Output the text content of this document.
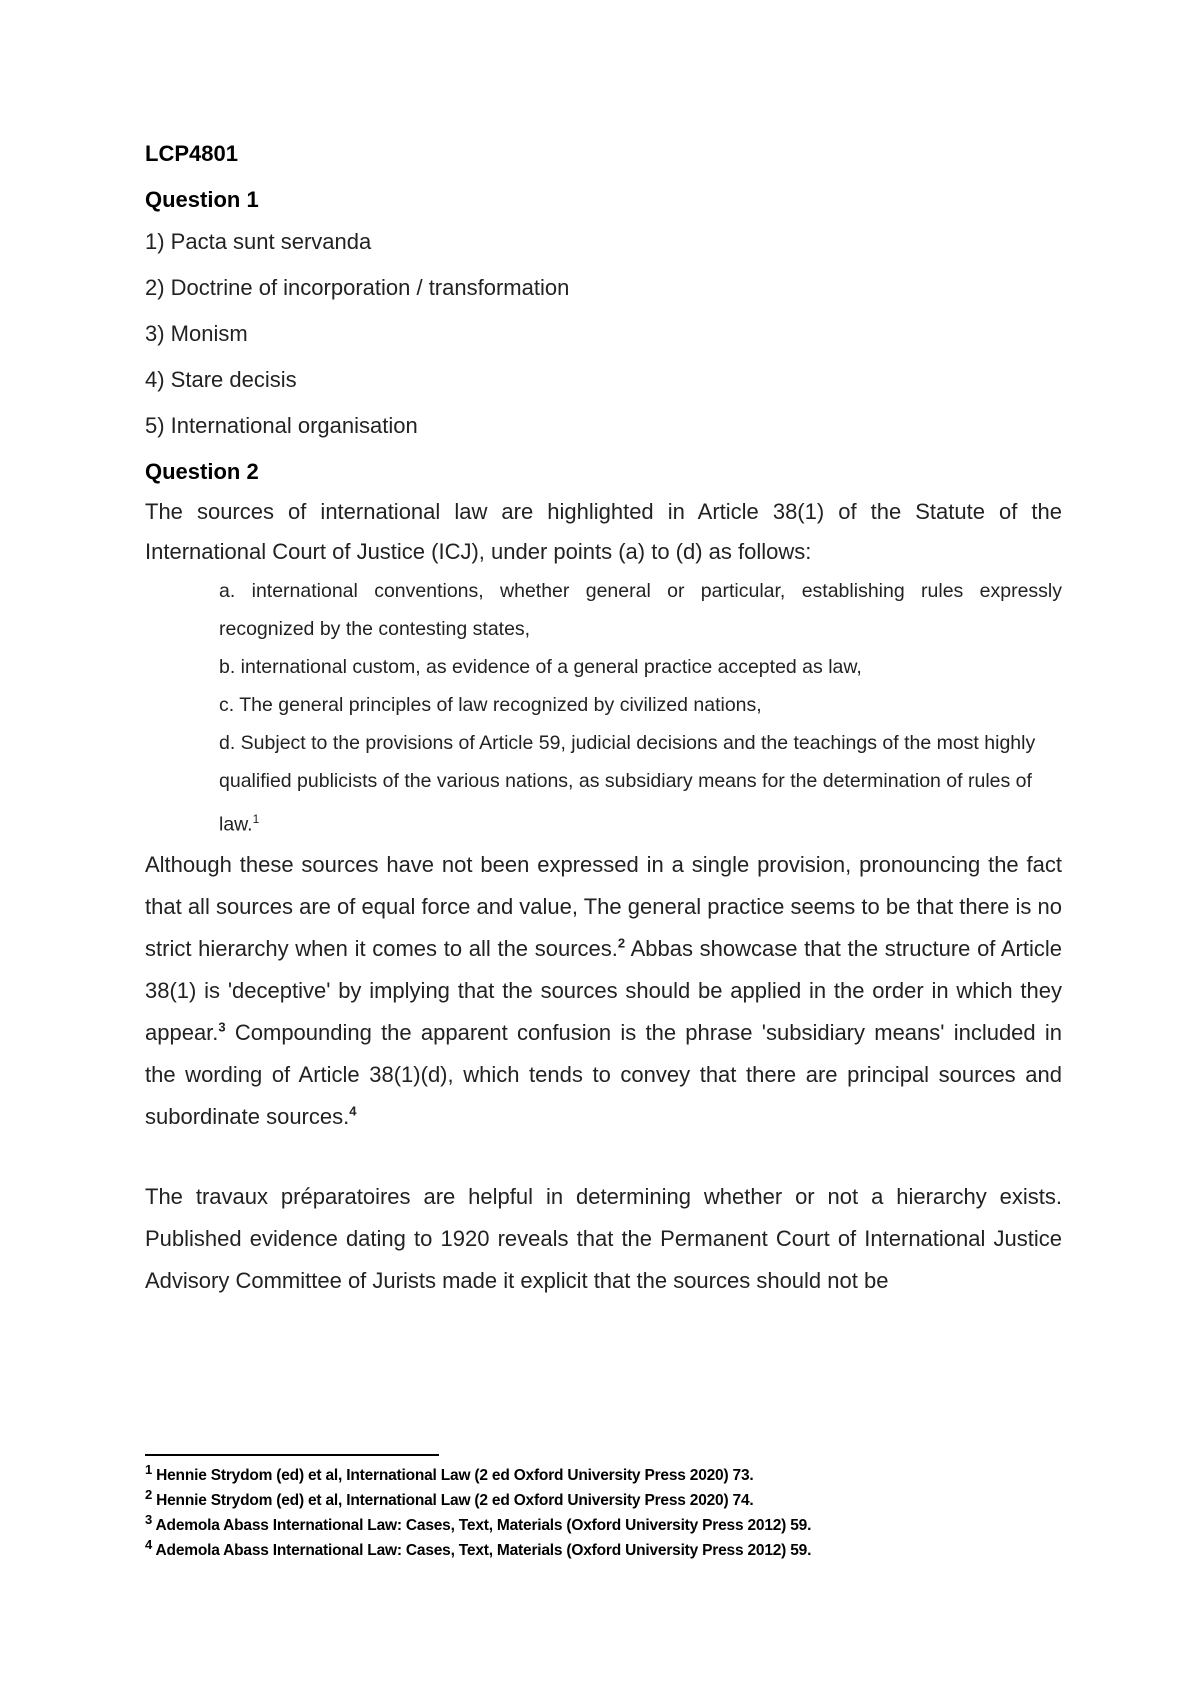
LCP4801

Question 1

1) Pacta sunt servanda
2) Doctrine of incorporation / transformation
3) Monism
4) Stare decisis
5) International organisation

Question 2

The sources of international law are highlighted in Article 38(1) of the Statute of the International Court of Justice (ICJ), under points (a) to (d) as follows:

a. international conventions, whether general or particular, establishing rules expressly recognized by the contesting states,

b. international custom, as evidence of a general practice accepted as law,

c. The general principles of law recognized by civilized nations,

d. Subject to the provisions of Article 59, judicial decisions and the teachings of the most highly

qualified publicists of the various nations, as subsidiary means for the determination of rules of

law.$^1$

Although these sources have not been expressed in a single provision, pronouncing the fact that all sources are of equal force and value, The general practice seems to be that there is no strict hierarchy when it comes to all the sources.$^2$ Abbas showcase that the structure of Article 38(1) is 'deceptive' by implying that the sources should be applied in the order in which they appear.$^3$ Compounding the apparent confusion is the phrase 'subsidiary means' included in the wording of Article 38(1)(d), which tends to convey that there are principal sources and subordinate sources.$^4$

The travaux préparatoires are helpful in determining whether or not a hierarchy exists. Published evidence dating to 1920 reveals that the Permanent Court of International Justice Advisory Committee of Jurists made it explicit that the sources should not be

$^1$ Hennie Strydom (ed) et al, International Law (2 ed Oxford University Press 2020) 73.

$^2$ Hennie Strydom (ed) et al, International Law (2 ed Oxford University Press 2020) 74.

$^3$ Ademola Abass International Law: Cases, Text, Materials (Oxford University Press 2012) 59.

$^4$ Ademola Abass International Law: Cases, Text, Materials (Oxford University Press 2012) 59.
